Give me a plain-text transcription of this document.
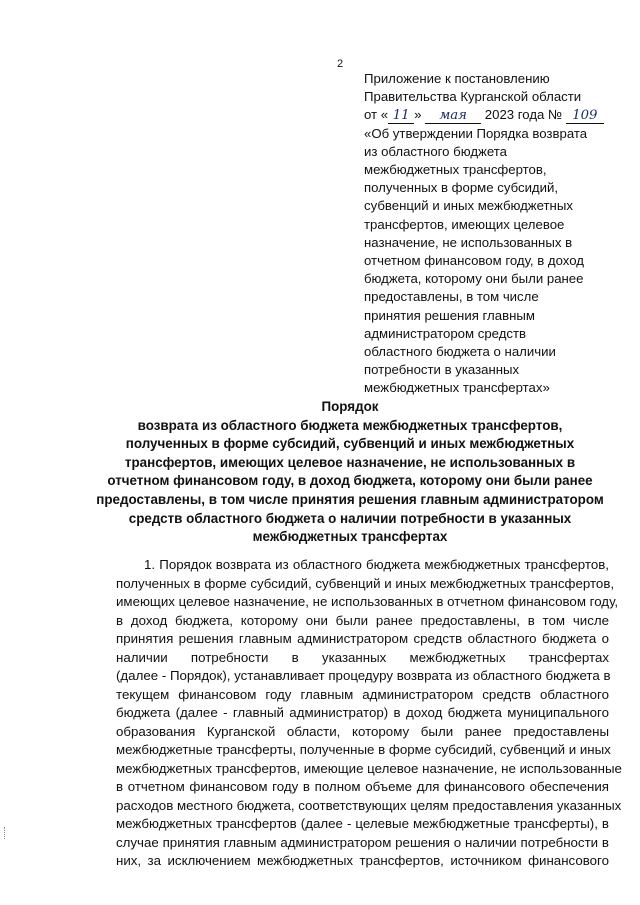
2
Приложение к постановлению
Правительства Курганской области
от « 11 » мая 2023 года № 109
«Об утверждении Порядка возврата
из областного бюджета
межбюджетных трансфертов,
полученных в форме субсидий,
субвенций и иных межбюджетных
трансфертов, имеющих целевое
назначение, не использованных в
отчетном финансовом году, в доход
бюджета, которому они были ранее
предоставлены, в том числе
принятия решения главным
администратором средств
областного бюджета о наличии
потребности в указанных
межбюджетных трансфертах»
Порядок
возврата из областного бюджета межбюджетных трансфертов,
полученных в форме субсидий, субвенций и иных межбюджетных
трансфертов, имеющих целевое назначение, не использованных в
отчетном финансовом году, в доход бюджета, которому они были ранее
предоставлены, в том числе принятия решения главным администратором
средств областного бюджета о наличии потребности в указанных
межбюджетных трансфертах
1. Порядок возврата из областного бюджета межбюджетных трансфертов,
полученных в форме субсидий, субвенций и иных межбюджетных трансфертов,
имеющих целевое назначение, не использованных в отчетном финансовом году,
в доход бюджета, которому они были ранее предоставлены, в том числе
принятия решения главным администратором средств областного бюджета о
наличии потребности в указанных межбюджетных трансфертах
(далее - Порядок), устанавливает процедуру возврата из областного бюджета в
текущем финансовом году главным администратором средств областного
бюджета (далее - главный администратор) в доход бюджета муниципального
образования Курганской области, которому были ранее предоставлены
межбюджетные трансферты, полученные в форме субсидий, субвенций и иных
межбюджетных трансфертов, имеющие целевое назначение, не использованные
в отчетном финансовом году в полном объеме для финансового обеспечения
расходов местного бюджета, соответствующих целям предоставления указанных
межбюджетных трансфертов (далее - целевые межбюджетные трансферты), в
случае принятия главным администратором решения о наличии потребности в
них, за исключением межбюджетных трансфертов, источником финансового
